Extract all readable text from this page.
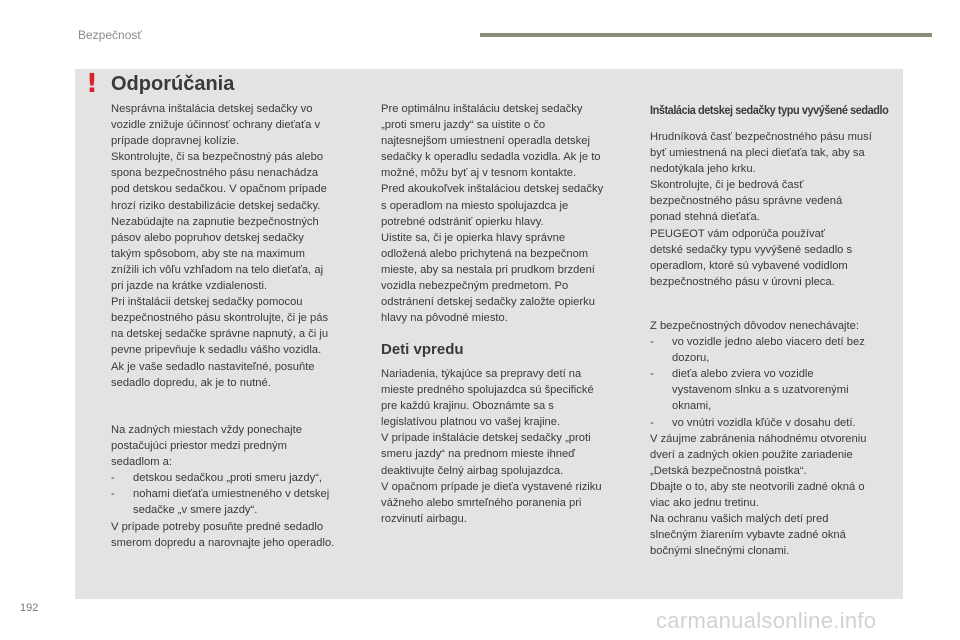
Bezpečnosť
! Odporúčania

Nesprávna inštalácia detskej sedačky vo
vozidle znižuje účinnosť ochrany dieťaťa v
prípade dopravnej kolízie.
Skontrolujte, či sa bezpečnostný pás alebo
spona bezpečnostného pásu nenachádza
pod detskou sedačkou. V opačnom prípade
hrozí riziko destabilizácie detskej sedačky.
Nezabúdajte na zapnutie bezpečnostných
pásov alebo popruhov detskej sedačky
takým spôsobom, aby ste na maximum
znížili ich vôľu vzhľadom na telo dieťaťa, aj
pri jazde na krátke vzdialenosti.
Pri inštalácii detskej sedačky pomocou
bezpečnostného pásu skontrolujte, či je pás
na detskej sedačke správne napnutý, a či ju
pevne pripevňuje k sedadlu vášho vozidla.
Ak je vaše sedadlo nastaviteľné, posuňte
sedadlo dopredu, ak je to nutné.

Na zadných miestach vždy ponechajte
postačujúci priestor medzi predným
sedadlom a:

-	detskou sedačkou „proti smeru jazdy“,
-	nohami dieťaťa umiestneného v detskej
sedačke „v smere jazdy“.

V prípade potreby posuňte predné sedadlo
smerom dopredu a narovnajte jeho operadlo.

Pre optimálnu inštaláciu detskej sedačky
„proti smeru jazdy“ sa uistite o čo
najtesnejšom umiestnení operadla detskej
sedačky k operadlu sedadla vozidla. Ak je to
možné, môžu byť aj v tesnom kontakte.
Pred akoukoľvek inštaláciou detskej sedačky
s operadlom na miesto spolujazdca je
potrebné odstrániť opierku hlavy.
Uistite sa, či je opierka hlavy správne
odložená alebo prichytená na bezpečnom
mieste, aby sa nestala pri prudkom brzdení
vozidla nebezpečným predmetom. Po
odstránení detskej sedačky založte opierku
hlavy na pôvodné miesto.

Deti vpredu

Nariadenia, týkajúce sa prepravy detí na
mieste predného spolujazdca sú špecifické
pre každú krajinu. Oboznámte sa s
legislatívou platnou vo vašej krajine.
V prípade inštalácie detskej sedačky „proti
smeru jazdy“ na prednom mieste ihneď
deaktivujte čelný airbag spolujazdca.
V opačnom prípade je dieťa vystavené riziku
vážneho alebo smrteľného poranenia pri
rozvinutí airbagu.

Inštalácia detskej sedačky typu vyvýšené sedadlo

Hrudníková časť bezpečnostného pásu musí
byť umiestnená na pleci dieťaťa tak, aby sa
nedotýkala jeho krku.
Skontrolujte, či je bedrová časť
bezpečnostného pásu správne vedená
ponad stehná dieťaťa.
PEUGEOT vám odporúča používať
detské sedačky typu vyvýšené sedadlo s
operadlom, ktoré sú vybavené vodidlom
bezpečnostného pásu v úrovni pleca.

Z bezpečnostných dôvodov nenechávajte:

-	vo vozidle jedno alebo viacero detí bez
dozoru,
-	dieťa alebo zviera vo vozidle
vystavenom slnku a s uzatvorenými
oknami,
-	vo vnútri vozidla kľúče v dosahu detí.

V záujme zabránenia náhodnému otvoreniu
dverí a zadných okien použite zariadenie
„Detská bezpečnostná poistka“.
Dbajte o to, aby ste neotvorili zadné okná o
viac ako jednu tretinu.
Na ochranu vašich malých detí pred
slnečným žiarením vybavte zadné okná
bočnými slnečnými clonami.

192	carmanualsonline.info
